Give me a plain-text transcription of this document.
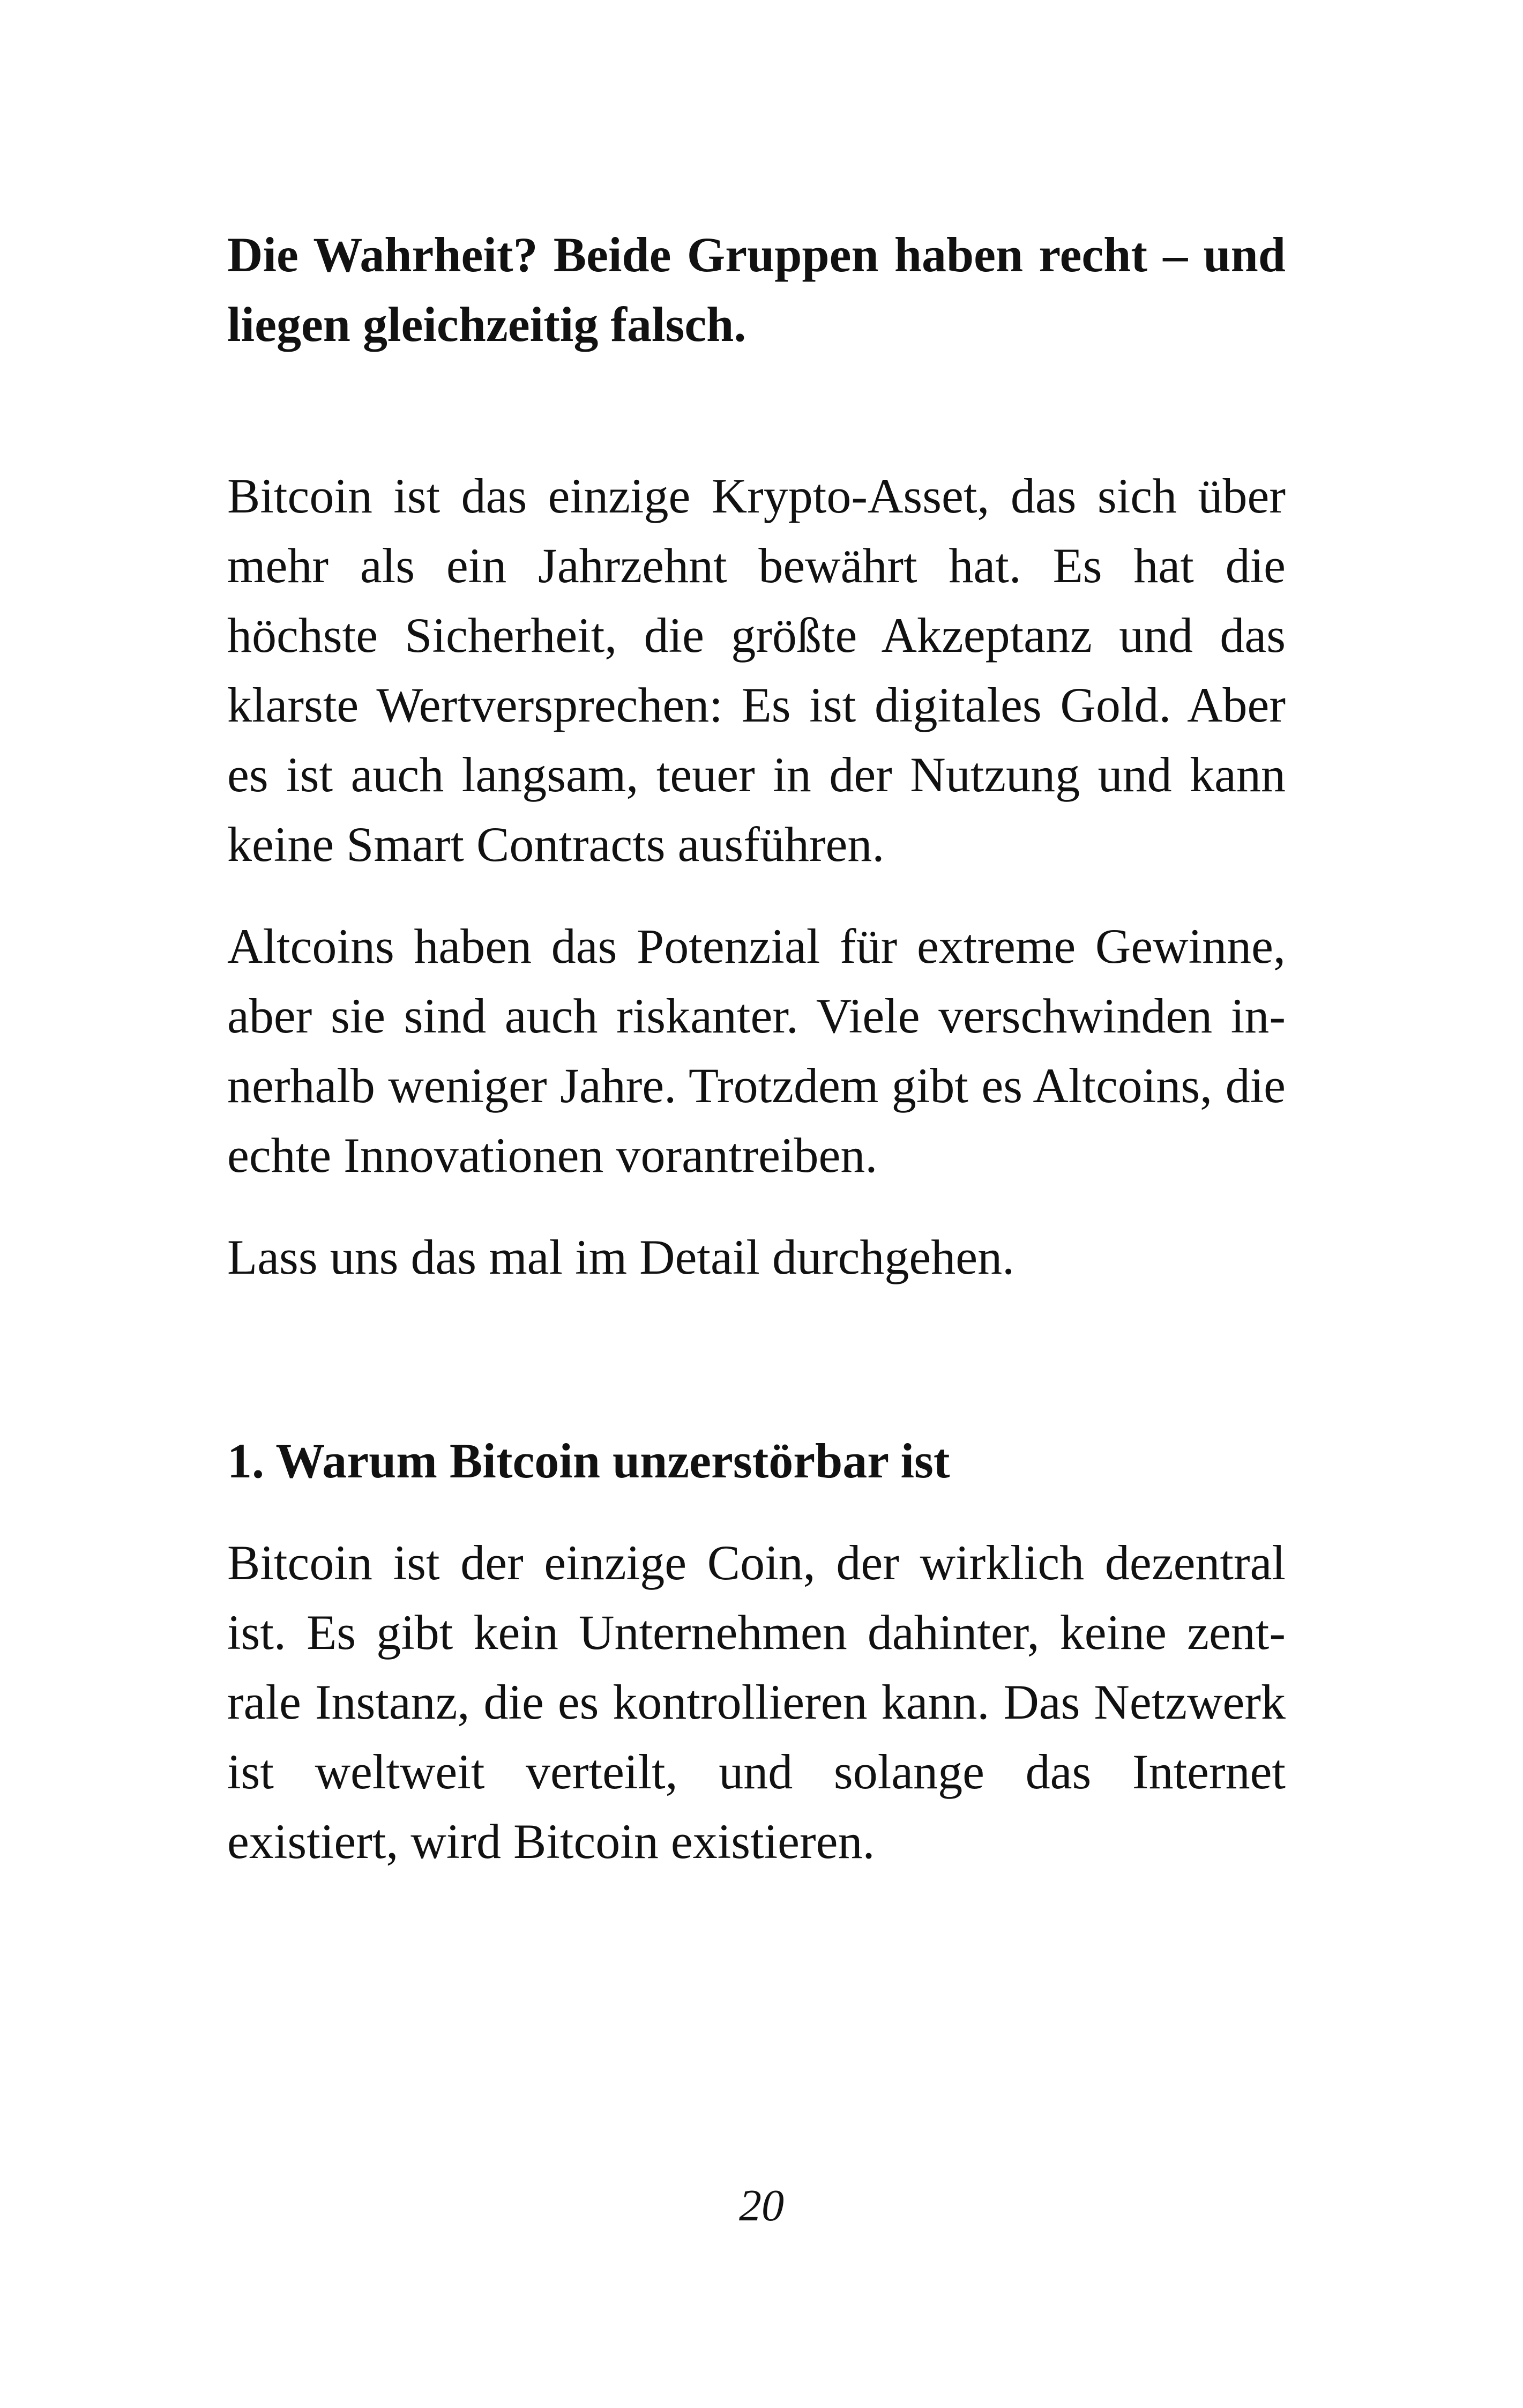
Die Wahrheit? Beide Gruppen haben recht – und liegen gleichzeitig falsch.

Bitcoin ist das einzige Krypto-Asset, das sich über mehr als ein Jahrzehnt bewährt hat. Es hat die höchste Sicherheit, die größte Akzeptanz und das klarste Wertversprechen: Es ist digitales Gold. Aber es ist auch langsam, teuer in der Nutzung und kann keine Smart Contracts ausführen.

Altcoins haben das Potenzial für extreme Gewinne, aber sie sind auch riskanter. Viele verschwinden innerhalb weniger Jahre. Trotzdem gibt es Altcoins, die echte Innovationen vorantreiben.

Lass uns das mal im Detail durchgehen.

1. Warum Bitcoin unzerstörbar ist

Bitcoin ist der einzige Coin, der wirklich dezentral ist. Es gibt kein Unternehmen dahinter, keine zentrale Instanz, die es kontrollieren kann. Das Netzwerk ist weltweit verteilt, und solange das Internet existiert, wird Bitcoin existieren.

20
